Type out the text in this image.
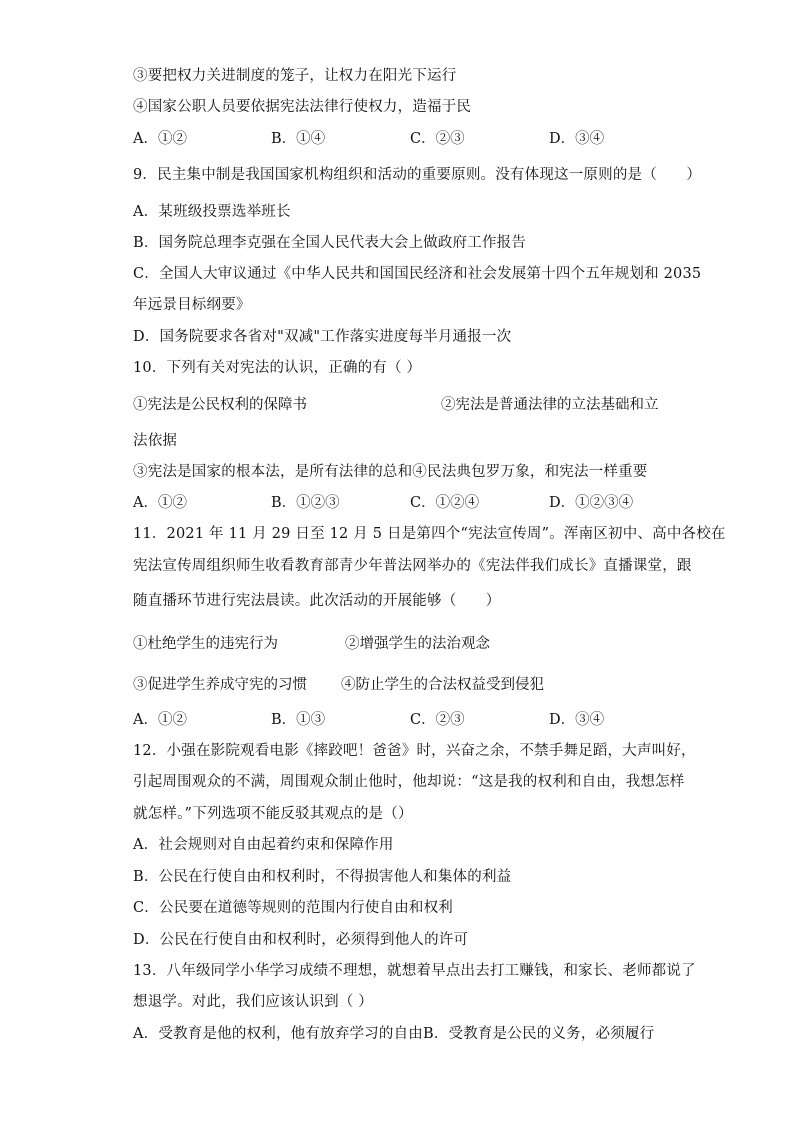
③要把权力关进制度的笼子，让权力在阳光下运行
④国家公职人员要依据宪法法律行使权力，造福于民
A．①②	B．①④	C．②③	D．③④
9．民主集中制是我国国家机构组织和活动的重要原则。没有体现这一原则的是（　　）
A．某班级投票选举班长
B．国务院总理李克强在全国人民代表大会上做政府工作报告
C．全国人大审议通过《中华人民共和国国民经济和社会发展第十四个五年规划和 2035
年远景目标纲要》
D．国务院要求各省对"双减"工作落实进度每半月通报一次
10．下列有关对宪法的认识，正确的有（ ）
①宪法是公民权利的保障书	②宪法是普通法律的立法基础和立
法依据
③宪法是国家的根本法，是所有法律的总和④民法典包罗万象，和宪法一样重要
A．①②	B．①②③	C．①②④	D．①②③④
11．2021 年 11 月 29 日至 12 月 5 日是第四个“宪法宣传周”。浑南区初中、高中各校在
宪法宣传周组织师生收看教育部青少年普法网举办的《宪法伴我们成长》直播课堂，跟
随直播环节进行宪法晨读。此次活动的开展能够（　　）
①杜绝学生的违宪行为	②增强学生的法治观念
③促进学生养成守宪的习惯 ④防止学生的合法权益受到侵犯
A．①②	B．①③	C．②③	D．③④
12．小强在影院观看电影《摔跤吧！爸爸》时，兴奋之余，不禁手舞足蹈，大声叫好，
引起周围观众的不满，周围观众制止他时，他却说：“这是我的权利和自由，我想怎样
就怎样。”下列选项不能反驳其观点的是（）
A．社会规则对自由起着约束和保障作用
B．公民在行使自由和权利时，不得损害他人和集体的利益
C．公民要在道德等规则的范围内行使自由和权利
D．公民在行使自由和权利时，必须得到他人的许可
13．八年级同学小华学习成绩不理想，就想着早点出去打工赚钱，和家长、老师都说了
想退学。对此，我们应该认识到（ ）
A．受教育是他的权利，他有放弃学习的自由B．受教育是公民的义务，必须履行
